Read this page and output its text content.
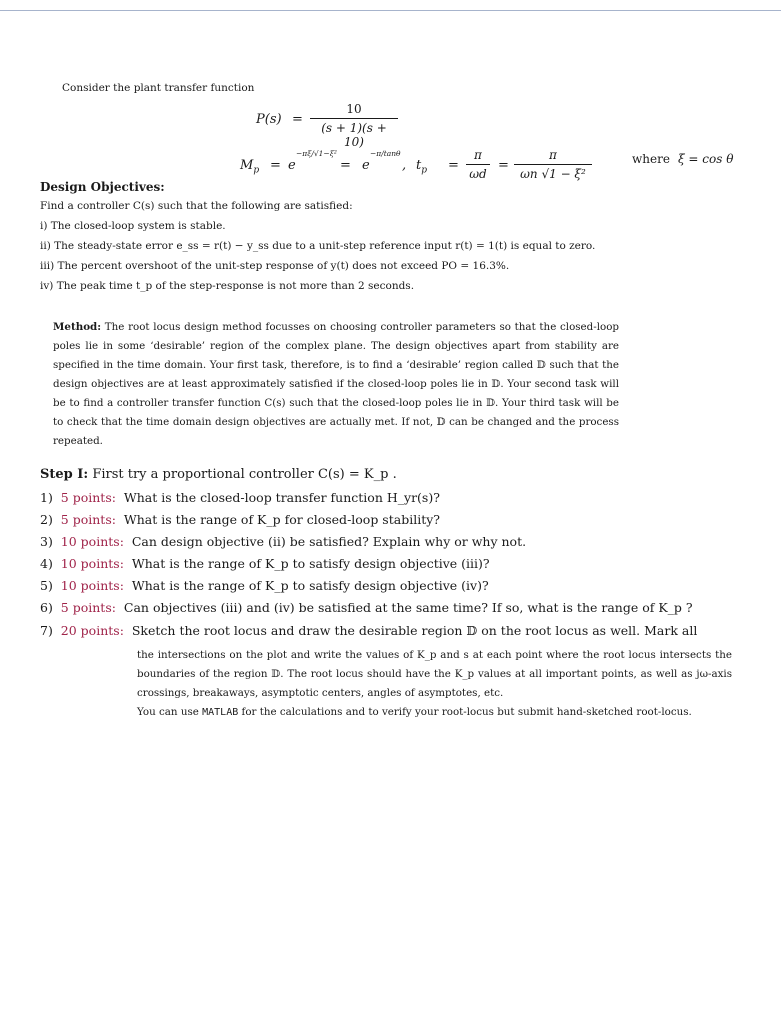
Consider the plant transfer function
P(s) =
10
(s + 1)(s + 10)
$M_p = e$
−πξ/√1−ξ²
= e
−π/tanθ
, $t_p$ =
π
ωd
=
π
ωn √1 − ξ²
where ξ = cos θ
Design Objectives:
Find a controller C(s) such that the following are satisfied:
i) The closed-loop system is stable.
ii) The steady-state error e_ss = r(t) − y_ss due to a unit-step reference input r(t) = 1(t) is equal to zero.
iii) The percent overshoot of the unit-step response of y(t) does not exceed PO = 16.3%.
iv) The peak time t_p of the step-response is not more than 2 seconds.
Method: The root locus design method focusses on choosing controller parameters so that the closed-loop poles lie in some ‘desirable’ region of the complex plane. The design objectives apart from stability are specified in the time domain. Your first task, therefore, is to find a ‘desirable’ region called 𝔻 such that the design objectives are at least approximately satisfied if the closed-loop poles lie in 𝔻. Your second task will be to find a controller transfer function C(s) such that the closed-loop poles lie in 𝔻. Your third task will be to check that the time domain design objectives are actually met. If not, 𝔻 can be changed and the process repeated.
Step I: First try a proportional controller C(s) = K_p .
1) 5 points: What is the closed-loop transfer function H_yr(s)?
2) 5 points: What is the range of K_p for closed-loop stability?
3) 10 points: Can design objective (ii) be satisfied? Explain why or why not.
4) 10 points: What is the range of K_p to satisfy design objective (iii)?
5) 10 points: What is the range of K_p to satisfy design objective (iv)?
6) 5 points: Can objectives (iii) and (iv) be satisfied at the same time? If so, what is the range of K_p ?
7) 20 points: Sketch the root locus and draw the desirable region 𝔻 on the root locus as well. Mark all
the intersections on the plot and write the values of K_p and s at each point where the root locus intersects the boundaries of the region 𝔻. The root locus should have the K_p values at all important points, as well as jω-axis crossings, breakaways, asymptotic centers, angles of asymptotes, etc.
You can use MATLAB for the calculations and to verify your root-locus but submit hand-sketched root-locus.
